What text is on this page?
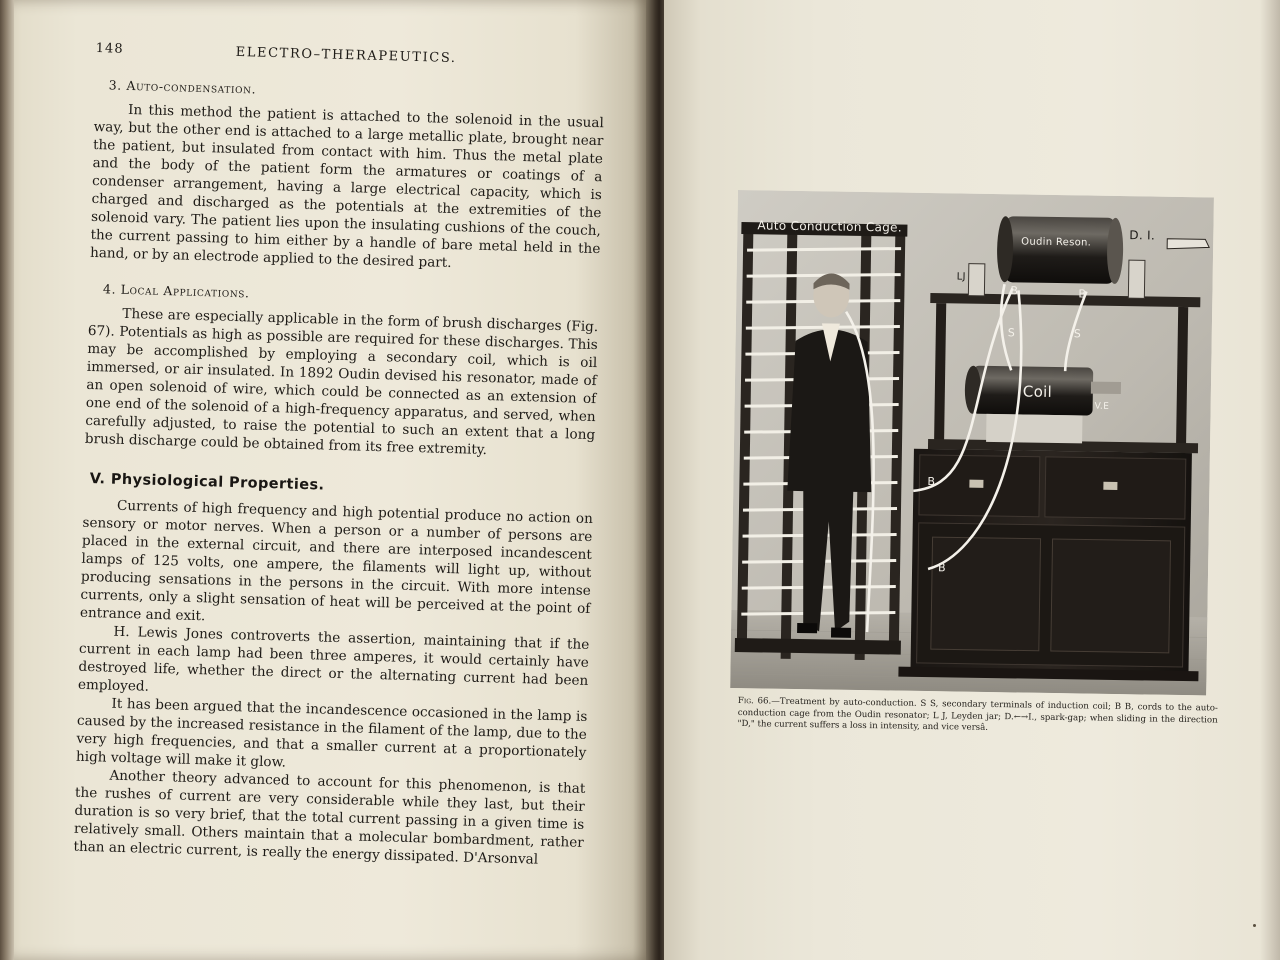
148	ELECTRO–THERAPEUTICS.
3. Auto-condensation.

In this method the patient is attached to the solenoid in the usual way, but the other end is attached to a large metallic plate, brought near the patient, but insulated from contact with him. Thus the metal plate and the body of the patient form the armatures or coatings of a condenser arrangement, having a large electrical capacity, which is charged and discharged as the potentials at the extremities of the solenoid vary. The patient lies upon the insulating cushions of the couch, the current passing to him either by a handle of bare metal held in the hand, or by an electrode applied to the desired part.

4. Local Applications.

These are especially applicable in the form of brush discharges (Fig. 67). Potentials as high as possible are required for these discharges. This may be accomplished by employing a secondary coil, which is oil immersed, or air insulated. In 1892 Oudin devised his resonator, made of an open solenoid of wire, which could be connected as an extension of one end of the solenoid of a high-frequency apparatus, and served, when carefully adjusted, to raise the potential to such an extent that a long brush discharge could be obtained from its free extremity.

V. Physiological Properties.

Currents of high frequency and high potential produce no action on sensory or motor nerves. When a person or a number of persons are placed in the external circuit, and there are interposed incandescent lamps of 125 volts, one ampere, the filaments will light up, without producing sensations in the persons in the circuit. With more intense currents, only a slight sensation of heat will be perceived at the point of entrance and exit.

H. Lewis Jones controverts the assertion, maintaining that if the current in each lamp had been three amperes, it would certainly have destroyed life, whether the direct or the alternating current had been employed.

It has been argued that the incandescence occasioned in the lamp is caused by the increased resistance in the filament of the lamp, due to the very high frequencies, and that a smaller current at a proportionately high voltage will make it glow.

Another theory advanced to account for this phenomenon, is that the rushes of current are very considerable while they last, but their duration is so very brief, that the total current passing in a given time is relatively small. Others maintain that a molecular bombardment, rather than an electric current, is really the energy dissipated. D'Arsonval

Auto Conduction Cage.
Oudin Reson.
Coil
D. I.
LJ
B	B
B
B
S	S
V.E
Fig. 66.—Treatment by auto-conduction. S S, secondary terminals of induction coil; B B, cords to the auto-conduction cage from the Oudin resonator; L J, Leyden jar; D.←→I., spark-gap; when sliding in the direction "D," the current suffers a loss in intensity, and vice versâ.
